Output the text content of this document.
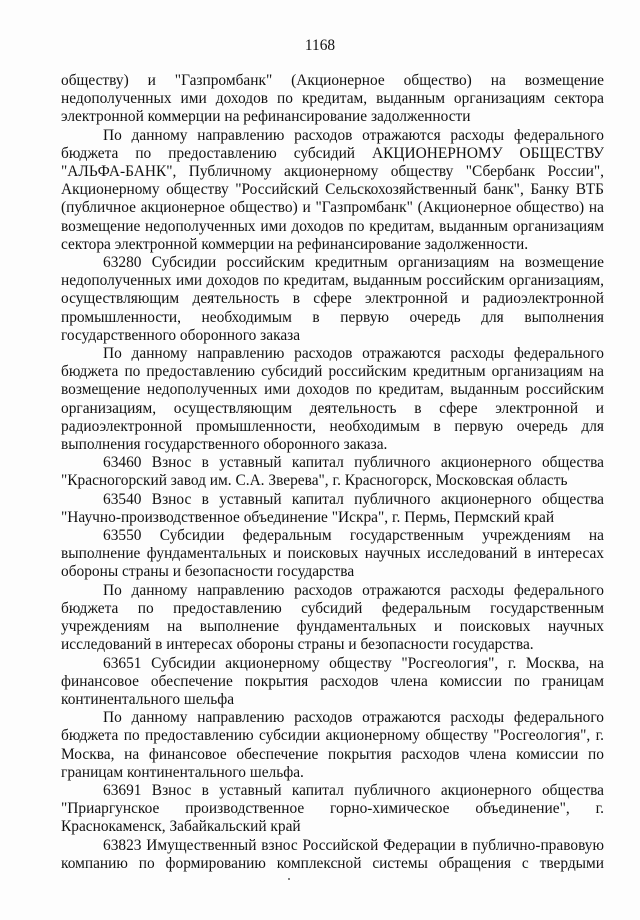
1168

обществу) и "Газпромбанк" (Акционерное общество) на возмещение недополученных ими доходов по кредитам, выданным организациям сектора электронной коммерции на рефинансирование задолженности

По данному направлению расходов отражаются расходы федерального бюджета по предоставлению субсидий АКЦИОНЕРНОМУ ОБЩЕСТВУ "АЛЬФА-БАНК", Публичному акционерному обществу "Сбербанк России", Акционерному обществу "Российский Сельскохозяйственный банк", Банку ВТБ (публичное акционерное общество) и "Газпромбанк" (Акционерное общество) на возмещение недополученных ими доходов по кредитам, выданным организациям сектора электронной коммерции на рефинансирование задолженности.

63280 Субсидии российским кредитным организациям на возмещение недополученных ими доходов по кредитам, выданным российским организациям, осуществляющим деятельность в сфере электронной и радиоэлектронной промышленности, необходимым в первую очередь для выполнения государственного оборонного заказа

По данному направлению расходов отражаются расходы федерального бюджета по предоставлению субсидий российским кредитным организациям на возмещение недополученных ими доходов по кредитам, выданным российским организациям, осуществляющим деятельность в сфере электронной и радиоэлектронной промышленности, необходимым в первую очередь для выполнения государственного оборонного заказа.

63460 Взнос в уставный капитал публичного акционерного общества "Красногорский завод им. С.А. Зверева", г. Красногорск, Московская область

63540 Взнос в уставный капитал публичного акционерного общества "Научно-производственное объединение "Искра", г. Пермь, Пермский край

63550 Субсидии федеральным государственным учреждениям на выполнение фундаментальных и поисковых научных исследований в интересах обороны страны и безопасности государства

По данному направлению расходов отражаются расходы федерального бюджета по предоставлению субсидий федеральным государственным учреждениям на выполнение фундаментальных и поисковых научных исследований в интересах обороны страны и безопасности государства.

63651 Субсидии акционерному обществу "Росгеология", г. Москва, на финансовое обеспечение покрытия расходов члена комиссии по границам континентального шельфа

По данному направлению расходов отражаются расходы федерального бюджета по предоставлению субсидии акционерному обществу "Росгеология", г. Москва, на финансовое обеспечение покрытия расходов члена комиссии по границам континентального шельфа.

63691 Взнос в уставный капитал публичного акционерного общества "Приаргунское производственное горно-химическое объединение", г. Краснокаменск, Забайкальский край

63823 Имущественный взнос Российской Федерации в публично-правовую компанию по формированию комплексной системы обращения с твердыми
